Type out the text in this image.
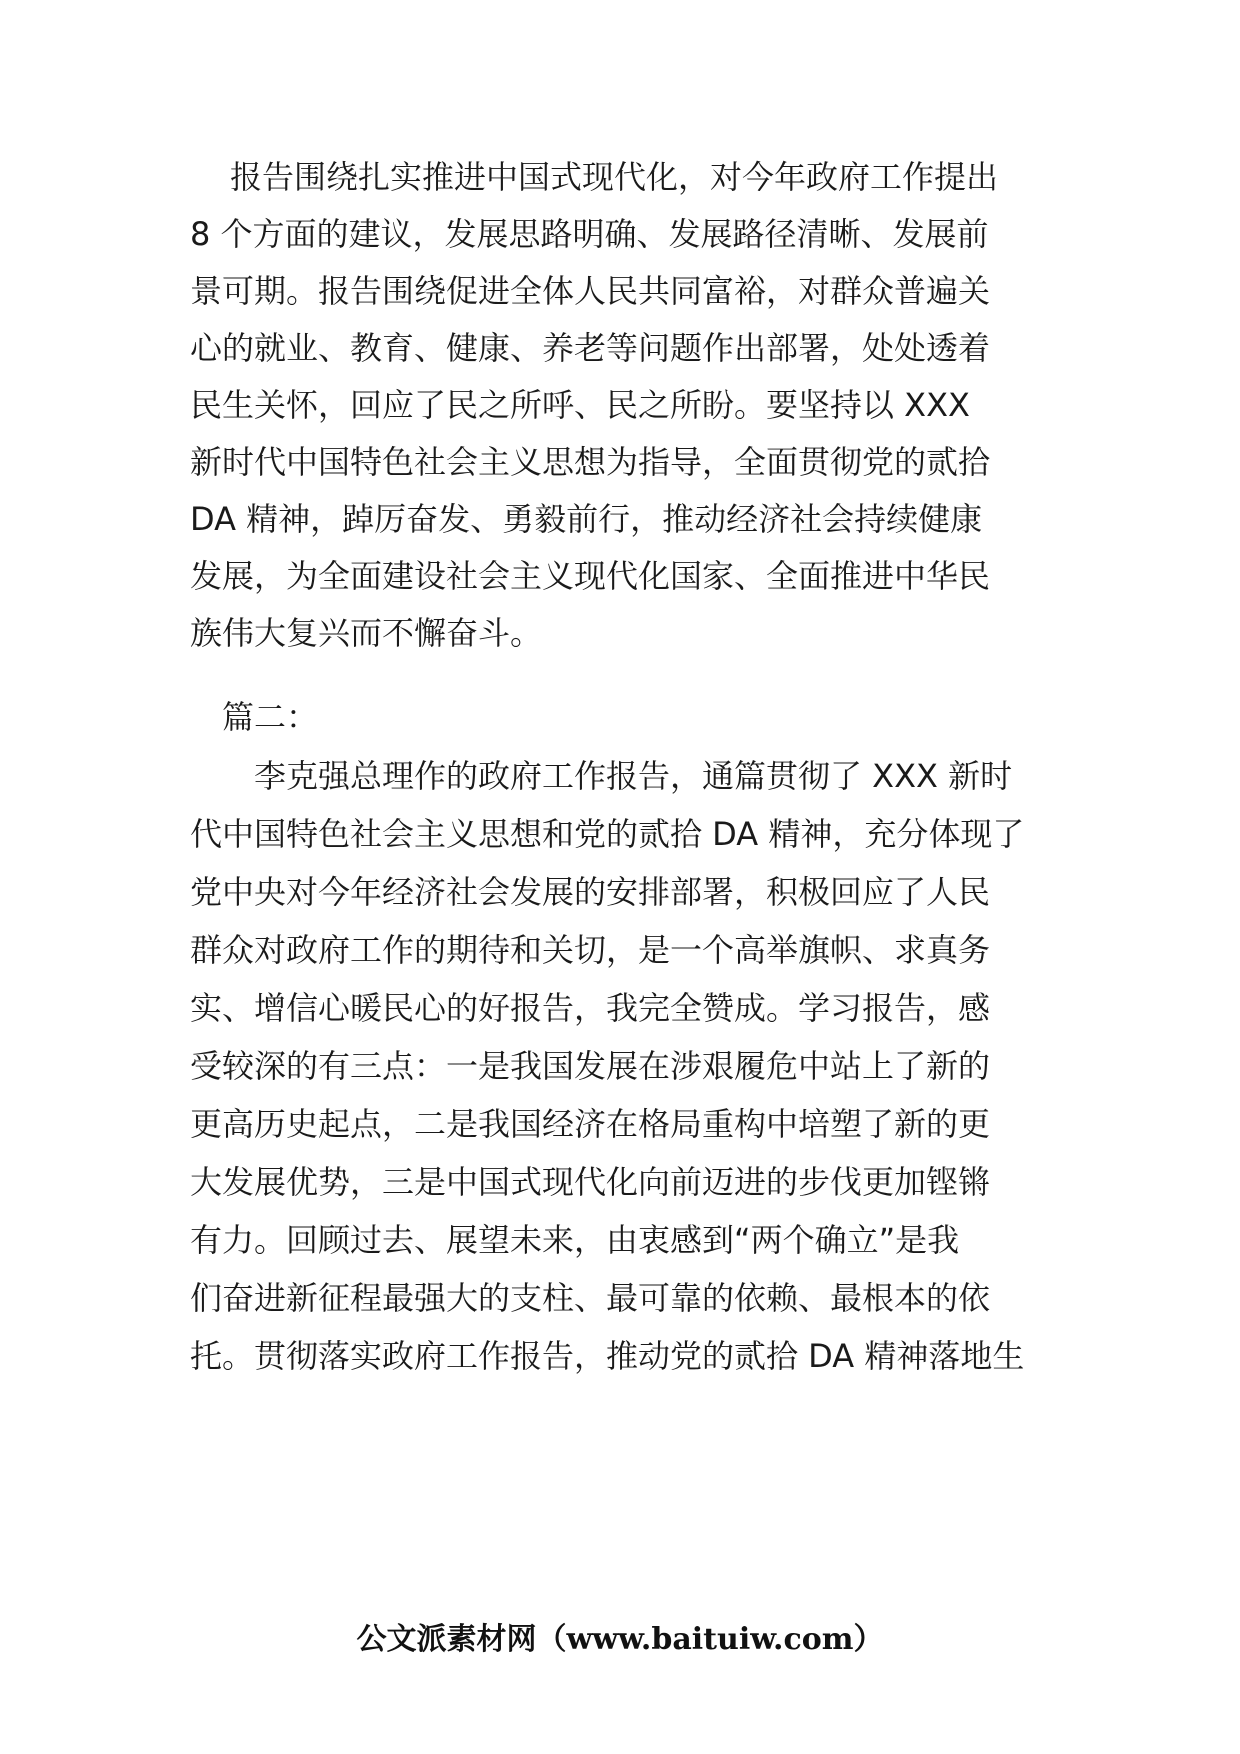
报告围绕扎实推进中国式现代化，对今年政府工作提出

8 个方面的建议，发展思路明确、发展路径清晰、发展前

景可期。报告围绕促进全体人民共同富裕，对群众普遍关

心的就业、教育、健康、养老等问题作出部署，处处透着

民生关怀，回应了民之所呼、民之所盼。要坚持以 XXX

新时代中国特色社会主义思想为指导，全面贯彻党的贰拾

DA 精神，踔厉奋发、勇毅前行，推动经济社会持续健康

发展，为全面建设社会主义现代化国家、全面推进中华民

族伟大复兴而不懈奋斗。

篇二：

李克强总理作的政府工作报告，通篇贯彻了 XXX 新时

代中国特色社会主义思想和党的贰拾 DA 精神，充分体现了

党中央对今年经济社会发展的安排部署，积极回应了人民

群众对政府工作的期待和关切，是一个高举旗帜、求真务

实、增信心暖民心的好报告，我完全赞成。学习报告，感

受较深的有三点：一是我国发展在涉艰履危中站上了新的

更高历史起点，二是我国经济在格局重构中培塑了新的更

大发展优势，三是中国式现代化向前迈进的步伐更加铿锵

有力。回顾过去、展望未来，由衷感到“两个确立”是我

们奋进新征程最强大的支柱、最可靠的依赖、最根本的依

托。贯彻落实政府工作报告，推动党的贰拾 DA 精神落地生

公文派素材网（www.baituiw.com）
